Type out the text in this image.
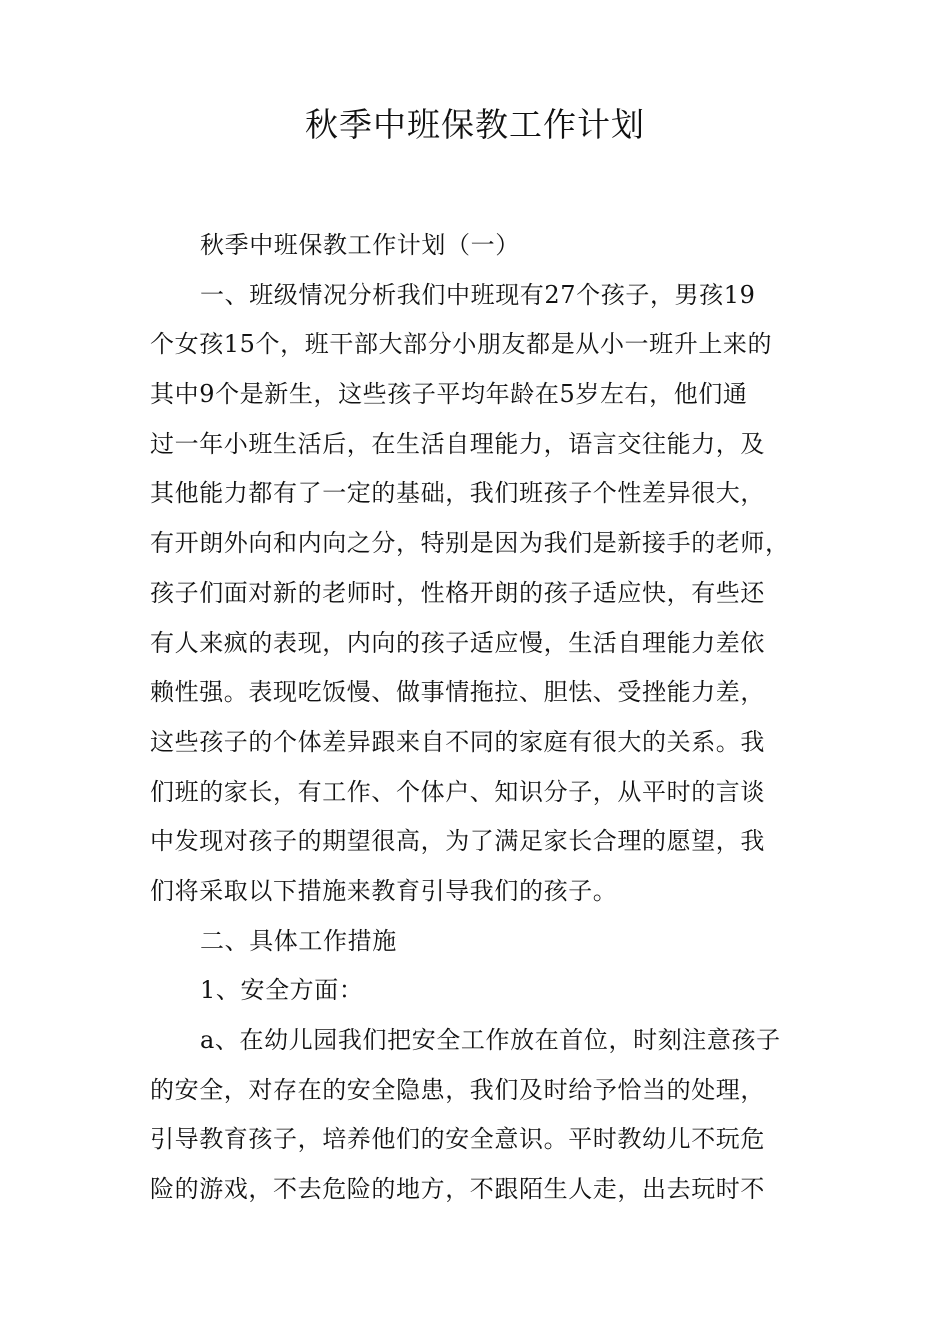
秋季中班保教工作计划
秋季中班保教工作计划（一）
一、班级情况分析我们中班现有27个孩子，男孩19
个女孩15个，班干部大部分小朋友都是从小一班升上来的
其中9个是新生，这些孩子平均年龄在5岁左右，他们通
过一年小班生活后，在生活自理能力，语言交往能力，及
其他能力都有了一定的基础，我们班孩子个性差异很大，
有开朗外向和内向之分，特别是因为我们是新接手的老师，
孩子们面对新的老师时，性格开朗的孩子适应快，有些还
有人来疯的表现，内向的孩子适应慢，生活自理能力差依
赖性强。表现吃饭慢、做事情拖拉、胆怯、受挫能力差，
这些孩子的个体差异跟来自不同的家庭有很大的关系。我
们班的家长，有工作、个体户、知识分子，从平时的言谈
中发现对孩子的期望很高，为了满足家长合理的愿望，我
们将采取以下措施来教育引导我们的孩子。
二、具体工作措施
1、安全方面：
a、在幼儿园我们把安全工作放在首位，时刻注意孩子
的安全，对存在的安全隐患，我们及时给予恰当的处理，
引导教育孩子，培养他们的安全意识。平时教幼儿不玩危
险的游戏，不去危险的地方，不跟陌生人走，出去玩时不
